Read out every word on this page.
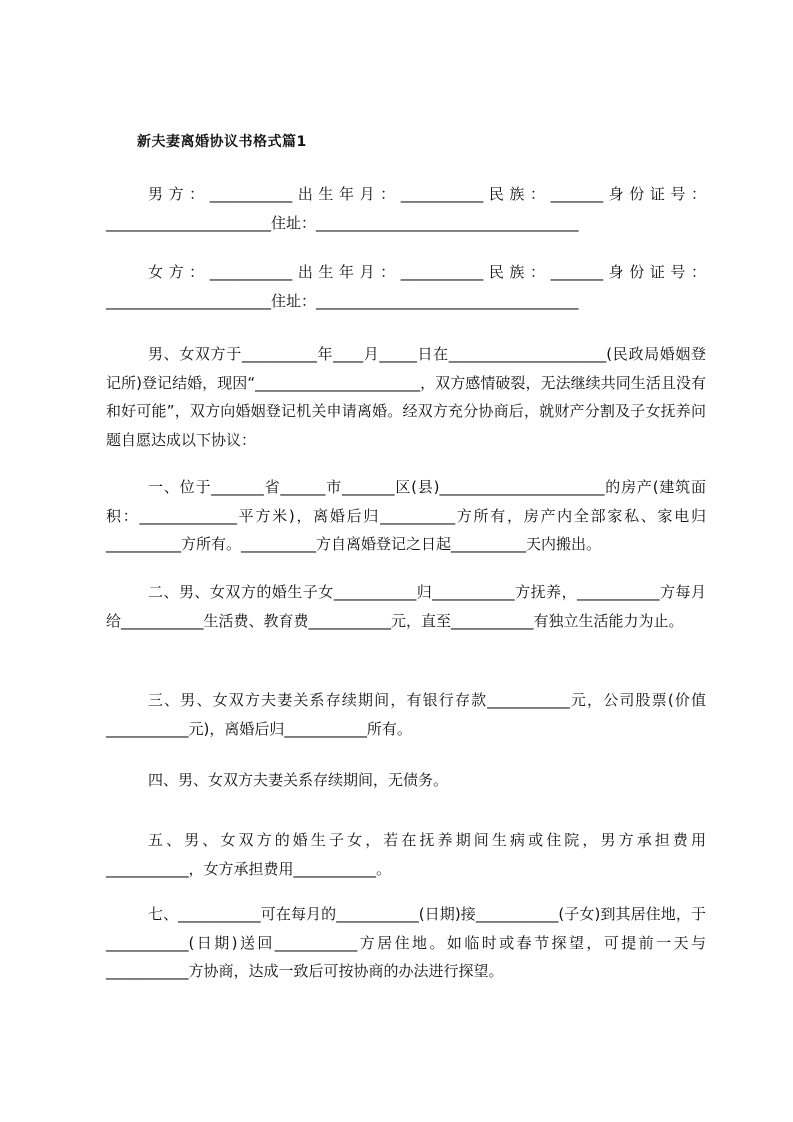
新夫妻离婚协议书格式篇1
男方：___________出生年月：___________民族：_______身份证号：______________________住址：___________________________________
女方：___________出生年月：___________民族：_______身份证号：______________________住址：___________________________________
男、女双方于__________年____月_____日在_____________________(民政局婚姻登记所)登记结婚，现因“______________________，双方感情破裂，无法继续共同生活且没有和好可能”，双方向婚姻登记机关申请离婚。经双方充分协商后，就财产分割及子女抚养问题自愿达成以下协议：
一、位于_______省______市_______区(县)______________________的房产(建筑面积：_____________平方米)，离婚后归__________方所有，房产内全部家私、家电归__________方所有。__________方自离婚登记之日起__________天内搬出。
二、男、女双方的婚生子女___________归___________方抚养，___________方每月给___________生活费、教育费___________元，直至___________有独立生活能力为止。
三、男、女双方夫妻关系存续期间，有银行存款___________元，公司股票(价值___________元)，离婚后归___________所有。
四、男、女双方夫妻关系存续期间，无债务。
五、男、女双方的婚生子女，若在抚养期间生病或住院，男方承担费用___________，女方承担费用___________。
七、___________可在每月的___________(日期)接___________(子女)到其居住地，于___________(日期)送回___________方居住地。如临时或春节探望，可提前一天与___________方协商，达成一致后可按协商的办法进行探望。
